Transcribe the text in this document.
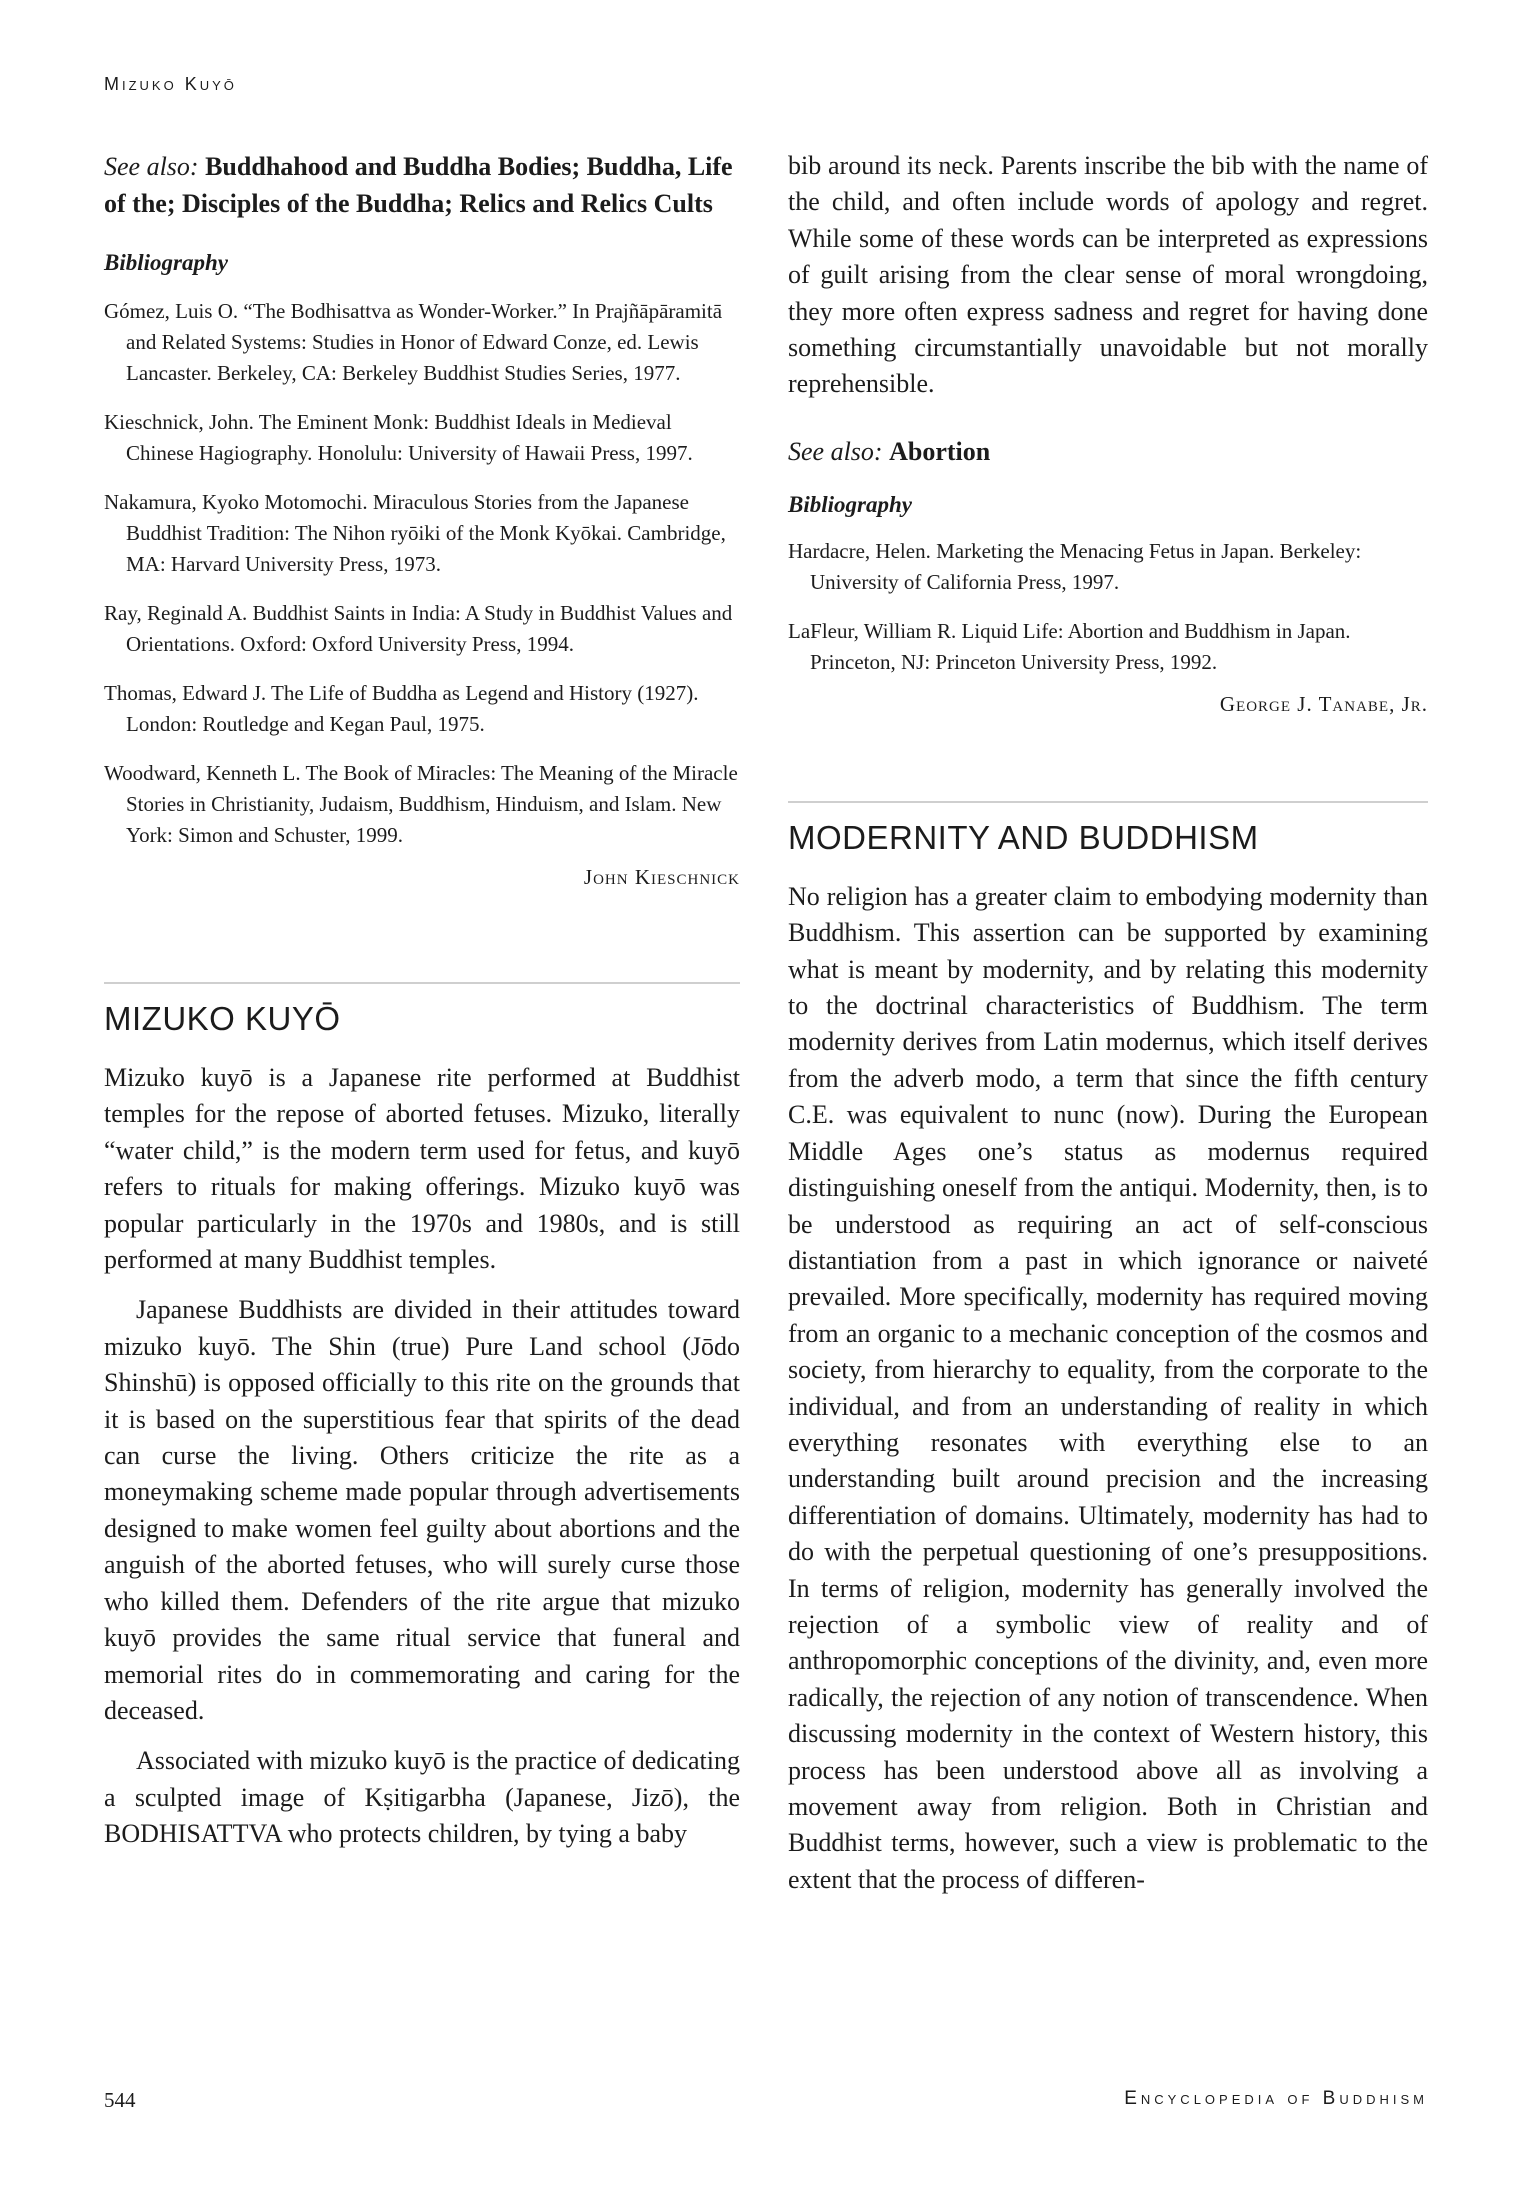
Mizuko Kuyō

See also: Buddhahood and Buddha Bodies; Buddha, Life of the; Disciples of the Buddha; Relics and Relics Cults

Bibliography

Gómez, Luis O. “The Bodhisattva as Wonder-Worker.” In Prajñāpāramitā and Related Systems: Studies in Honor of Edward Conze, ed. Lewis Lancaster. Berkeley, CA: Berkeley Buddhist Studies Series, 1977.

Kieschnick, John. The Eminent Monk: Buddhist Ideals in Medieval Chinese Hagiography. Honolulu: University of Hawaii Press, 1997.

Nakamura, Kyoko Motomochi. Miraculous Stories from the Japanese Buddhist Tradition: The Nihon ryōiki of the Monk Kyōkai. Cambridge, MA: Harvard University Press, 1973.

Ray, Reginald A. Buddhist Saints in India: A Study in Buddhist Values and Orientations. Oxford: Oxford University Press, 1994.

Thomas, Edward J. The Life of Buddha as Legend and History (1927). London: Routledge and Kegan Paul, 1975.

Woodward, Kenneth L. The Book of Miracles: The Meaning of the Miracle Stories in Christianity, Judaism, Buddhism, Hinduism, and Islam. New York: Simon and Schuster, 1999.

John Kieschnick

MIZUKO KUYŌ

Mizuko kuyō is a Japanese rite performed at Buddhist temples for the repose of aborted fetuses. Mizuko, literally “water child,” is the modern term used for fetus, and kuyō refers to rituals for making offerings. Mizuko kuyō was popular particularly in the 1970s and 1980s, and is still performed at many Buddhist temples.

Japanese Buddhists are divided in their attitudes toward mizuko kuyō. The Shin (true) Pure Land school (Jōdo Shinshū) is opposed officially to this rite on the grounds that it is based on the superstitious fear that spirits of the dead can curse the living. Others criticize the rite as a moneymaking scheme made popular through advertisements designed to make women feel guilty about abortions and the anguish of the aborted fetuses, who will surely curse those who killed them. Defenders of the rite argue that mizuko kuyō provides the same ritual service that funeral and memorial rites do in commemorating and caring for the deceased.

Associated with mizuko kuyō is the practice of dedicating a sculpted image of Kṣitigarbha (Japanese, Jizō), the BODHISATTVA who protects children, by tying a baby

bib around its neck. Parents inscribe the bib with the name of the child, and often include words of apology and regret. While some of these words can be interpreted as expressions of guilt arising from the clear sense of moral wrongdoing, they more often express sadness and regret for having done something circumstantially unavoidable but not morally reprehensible.

See also: Abortion

Bibliography

Hardacre, Helen. Marketing the Menacing Fetus in Japan. Berkeley: University of California Press, 1997.

LaFleur, William R. Liquid Life: Abortion and Buddhism in Japan. Princeton, NJ: Princeton University Press, 1992.

George J. Tanabe, Jr.

MODERNITY AND BUDDHISM

No religion has a greater claim to embodying modernity than Buddhism. This assertion can be supported by examining what is meant by modernity, and by relating this modernity to the doctrinal characteristics of Buddhism. The term modernity derives from Latin modernus, which itself derives from the adverb modo, a term that since the fifth century C.E. was equivalent to nunc (now). During the European Middle Ages one’s status as modernus required distinguishing oneself from the antiqui. Modernity, then, is to be understood as requiring an act of self-conscious distantiation from a past in which ignorance or naiveté prevailed. More specifically, modernity has required moving from an organic to a mechanic conception of the cosmos and society, from hierarchy to equality, from the corporate to the individual, and from an understanding of reality in which everything resonates with everything else to an understanding built around precision and the increasing differentiation of domains. Ultimately, modernity has had to do with the perpetual questioning of one’s presuppositions. In terms of religion, modernity has generally involved the rejection of a symbolic view of reality and of anthropomorphic conceptions of the divinity, and, even more radically, the rejection of any notion of transcendence. When discussing modernity in the context of Western history, this process has been understood above all as involving a movement away from religion. Both in Christian and Buddhist terms, however, such a view is problematic to the extent that the process of differen-

544	Encyclopedia of Buddhism
